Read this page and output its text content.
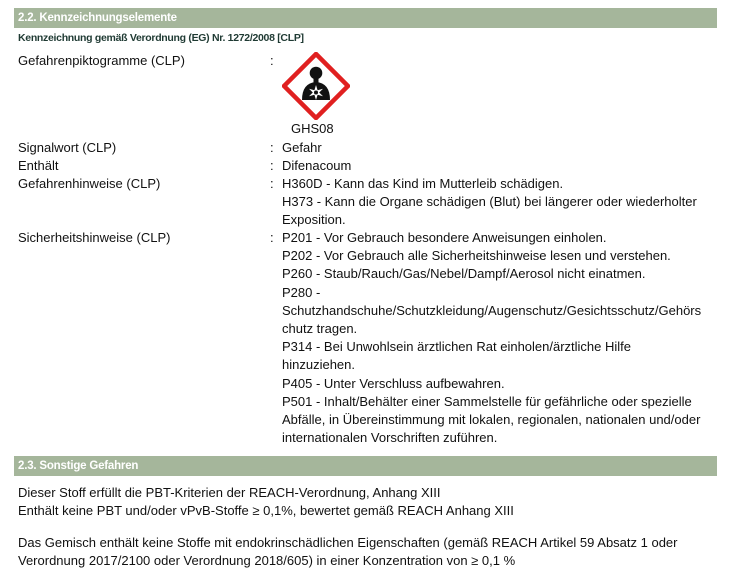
2.2. Kennzeichnungselemente
Kennzeichnung gemäß Verordnung (EG) Nr. 1272/2008 [CLP]
Gefahrenpiktogramme (CLP)	:
GHS08
Signalwort (CLP)	: Gefahr
Enthält	: Difenacoum
Gefahrenhinweise (CLP)	: H360D - Kann das Kind im Mutterleib schädigen.
H373 - Kann die Organe schädigen (Blut) bei längerer oder wiederholter
Exposition.
Sicherheitshinweise (CLP)	: P201 - Vor Gebrauch besondere Anweisungen einholen.
P202 - Vor Gebrauch alle Sicherheitshinweise lesen und verstehen.
P260 - Staub/Rauch/Gas/Nebel/Dampf/Aerosol nicht einatmen.
P280 -
Schutzhandschuhe/Schutzkleidung/Augenschutz/Gesichtsschutz/Gehörs
chutz tragen.
P314 - Bei Unwohlsein ärztlichen Rat einholen/ärztliche Hilfe
hinzuziehen.
P405 - Unter Verschluss aufbewahren.
P501 - Inhalt/Behälter einer Sammelstelle für gefährliche oder spezielle
Abfälle, in Übereinstimmung mit lokalen, regionalen, nationalen und/oder
internationalen Vorschriften zuführen.
2.3. Sonstige Gefahren
Dieser Stoff erfüllt die PBT-Kriterien der REACH-Verordnung, Anhang XIII
Enthält keine PBT und/oder vPvB-Stoffe ≥ 0,1%, bewertet gemäß REACH Anhang XIII
Das Gemisch enthält keine Stoffe mit endokrinschädlichen Eigenschaften (gemäß REACH Artikel 59 Absatz 1 oder
Verordnung 2017/2100 oder Verordnung 2018/605) in einer Konzentration von ≥ 0,1 %
